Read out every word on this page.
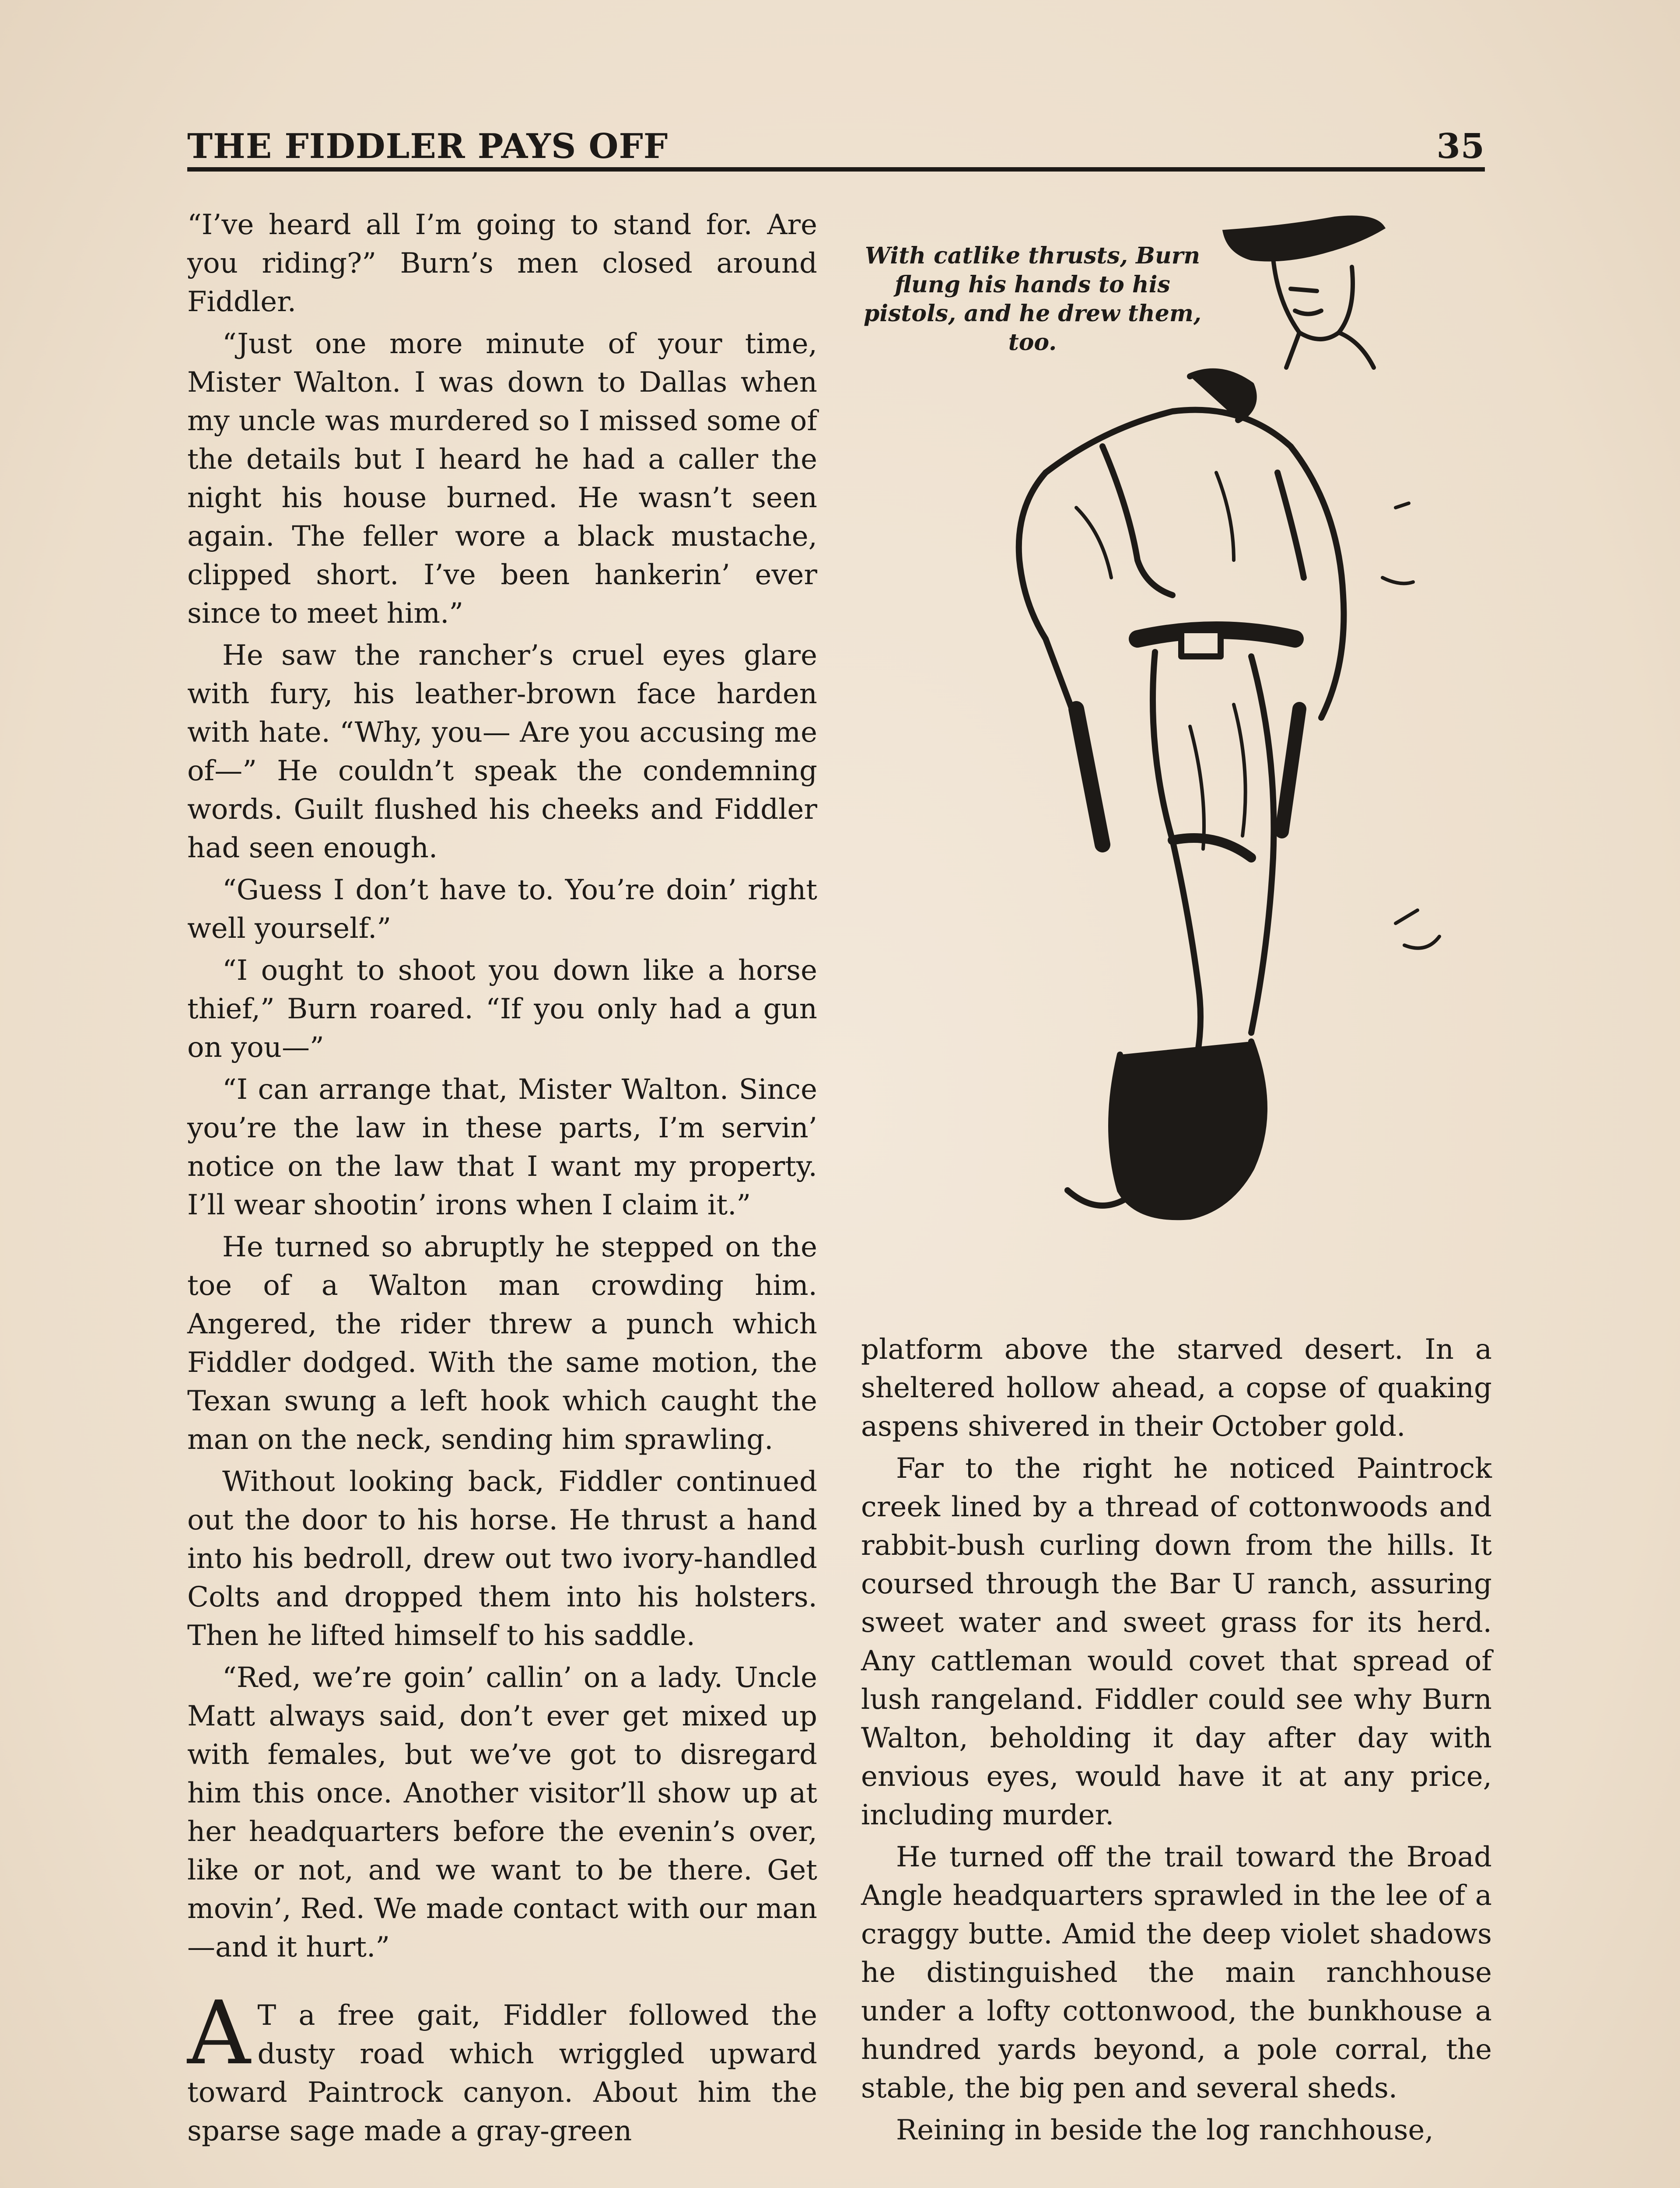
THE FIDDLER PAYS OFF	35
With catlike thrusts, Burn flung his hands to his pistols, and he drew them, too.

“I’ve heard all I’m going to stand for. Are you riding?” Burn’s men closed around Fiddler.

“Just one more minute of your time, Mister Walton. I was down to Dallas when my uncle was murdered so I missed some of the details but I heard he had a caller the night his house burned. He wasn’t seen again. The feller wore a black mustache, clipped short. I’ve been hankerin’ ever since to meet him.”

He saw the rancher’s cruel eyes glare with fury, his leather-brown face harden with hate. “Why, you— Are you accusing me of—” He couldn’t speak the condemning words. Guilt flushed his cheeks and Fiddler had seen enough.

“Guess I don’t have to. You’re doin’ right well yourself.”

“I ought to shoot you down like a horse thief,” Burn roared. “If you only had a gun on you—”

“I can arrange that, Mister Walton. Since you’re the law in these parts, I’m servin’ notice on the law that I want my property. I’ll wear shootin’ irons when I claim it.”

He turned so abruptly he stepped on the toe of a Walton man crowding him. Angered, the rider threw a punch which Fiddler dodged. With the same motion, the Texan swung a left hook which caught the man on the neck, sending him sprawling.

Without looking back, Fiddler continued out the door to his horse. He thrust a hand into his bedroll, drew out two ivory-handled Colts and dropped them into his holsters. Then he lifted himself to his saddle.

“Red, we’re goin’ callin’ on a lady. Uncle Matt always said, don’t ever get mixed up with females, but we’ve got to disregard him this once. Another visitor’ll show up at her headquarters before the evenin’s over, like or not, and we want to be there. Get movin’, Red. We made contact with our man—and it hurt.”

A T a free gait, Fiddler followed the dusty road which wriggled upward toward Paintrock canyon. About him the sparse sage made a gray-green

platform above the starved desert. In a sheltered hollow ahead, a copse of quaking aspens shivered in their October gold.

Far to the right he noticed Paintrock creek lined by a thread of cottonwoods and rabbit-bush curling down from the hills. It coursed through the Bar U ranch, assuring sweet water and sweet grass for its herd. Any cattleman would covet that spread of lush rangeland. Fiddler could see why Burn Walton, beholding it day after day with envious eyes, would have it at any price, including murder.

He turned off the trail toward the Broad Angle headquarters sprawled in the lee of a craggy butte. Amid the deep violet shadows he distinguished the main ranchhouse under a lofty cottonwood, the bunkhouse a hundred yards beyond, a pole corral, the stable, the big pen and several sheds.

Reining in beside the log ranchhouse,
